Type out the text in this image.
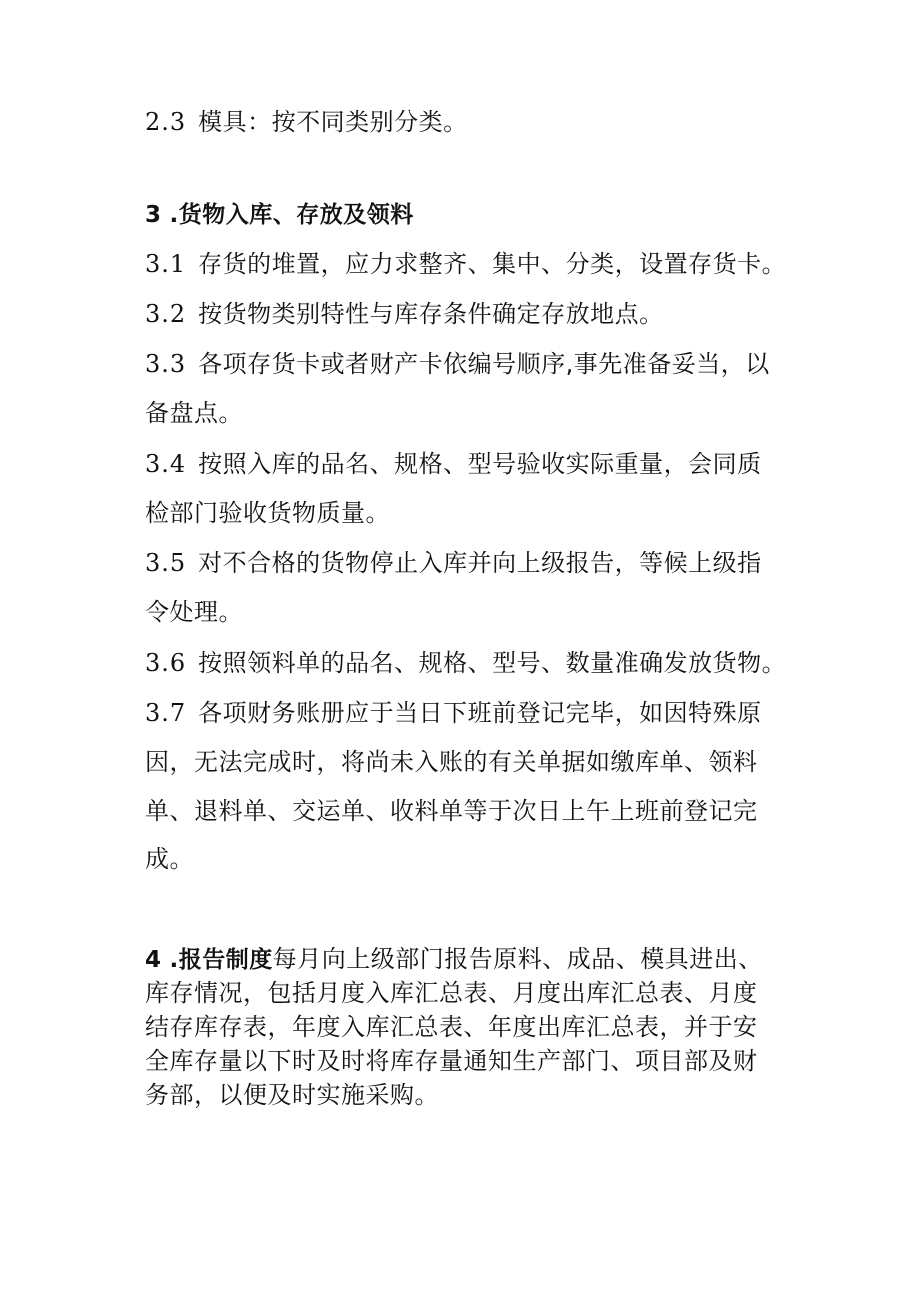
2.3 模具：按不同类别分类。
3 .货物入库、存放及领料
3.1 存货的堆置，应力求整齐、集中、分类，设置存货卡。
3.2 按货物类别特性与库存条件确定存放地点。
3.3 各项存货卡或者财产卡依编号顺序,事先准备妥当，以
备盘点。
3.4 按照入库的品名、规格、型号验收实际重量，会同质
检部门验收货物质量。
3.5 对不合格的货物停止入库并向上级报告，等候上级指
令处理。
3.6 按照领料单的品名、规格、型号、数量准确发放货物。
3.7 各项财务账册应于当日下班前登记完毕，如因特殊原
因，无法完成时，将尚未入账的有关单据如缴库单、领料
单、退料单、交运单、收料单等于次日上午上班前登记完
成。
4 .报告制度每月向上级部门报告原料、成品、模具进出、
库存情况，包括月度入库汇总表、月度出库汇总表、月度
结存库存表，年度入库汇总表、年度出库汇总表，并于安
全库存量以下时及时将库存量通知生产部门、项目部及财
务部，以便及时实施采购。
